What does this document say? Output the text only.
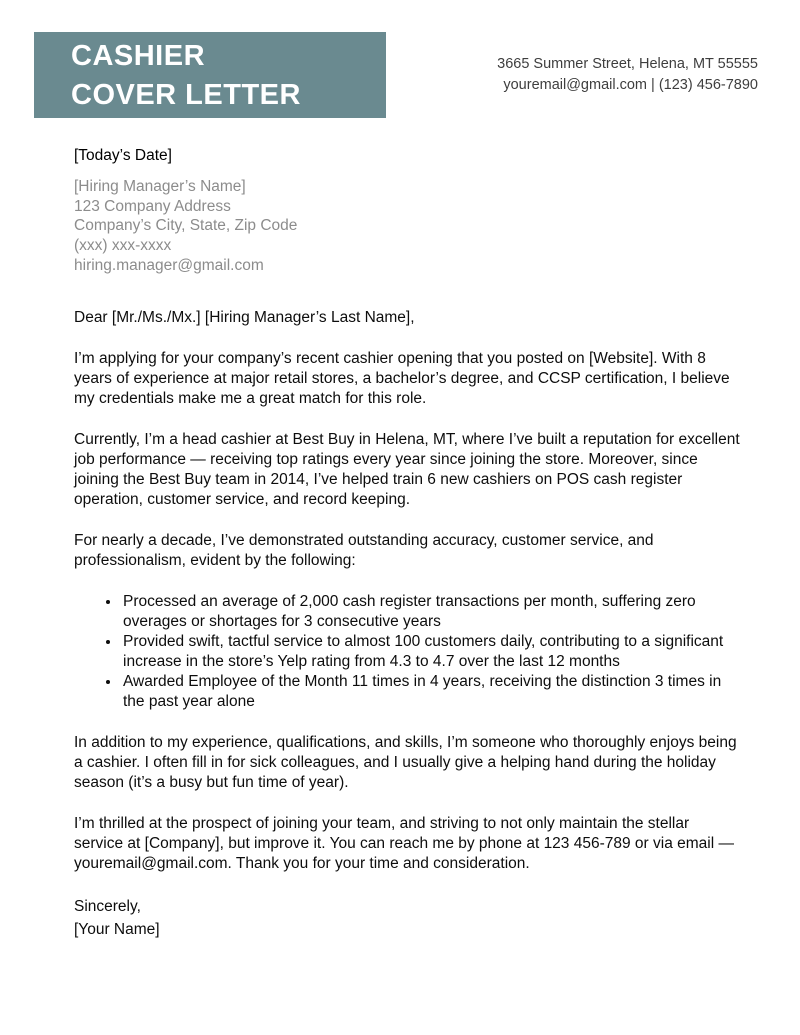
CASHIER
COVER LETTER
3665 Summer Street, Helena, MT 55555
youremail@gmail.com | (123) 456-7890
[Today’s Date]
[Hiring Manager’s Name]
123 Company Address
Company’s City, State, Zip Code
(xxx) xxx-xxxx
hiring.manager@gmail.com
Dear [Mr./Ms./Mx.] [Hiring Manager’s Last Name],

I’m applying for your company’s recent cashier opening that you posted on [Website]. With 8 years of experience at major retail stores, a bachelor’s degree, and CCSP certification, I believe my credentials make me a great match for this role.

Currently, I’m a head cashier at Best Buy in Helena, MT, where I’ve built a reputation for excellent job performance — receiving top ratings every year since joining the store. Moreover, since joining the Best Buy team in 2014, I’ve helped train 6 new cashiers on POS cash register operation, customer service, and record keeping.

For nearly a decade, I’ve demonstrated outstanding accuracy, customer service, and professionalism, evident by the following:

• Processed an average of 2,000 cash register transactions per month, suffering zero overages or shortages for 3 consecutive years
• Provided swift, tactful service to almost 100 customers daily, contributing to a significant increase in the store’s Yelp rating from 4.3 to 4.7 over the last 12 months
• Awarded Employee of the Month 11 times in 4 years, receiving the distinction 3 times in the past year alone

In addition to my experience, qualifications, and skills, I’m someone who thoroughly enjoys being a cashier. I often fill in for sick colleagues, and I usually give a helping hand during the holiday season (it’s a busy but fun time of year).

I’m thrilled at the prospect of joining your team, and striving to not only maintain the stellar service at [Company], but improve it. You can reach me by phone at 123 456-789 or via email — youremail@gmail.com. Thank you for your time and consideration.

Sincerely,
[Your Name]
